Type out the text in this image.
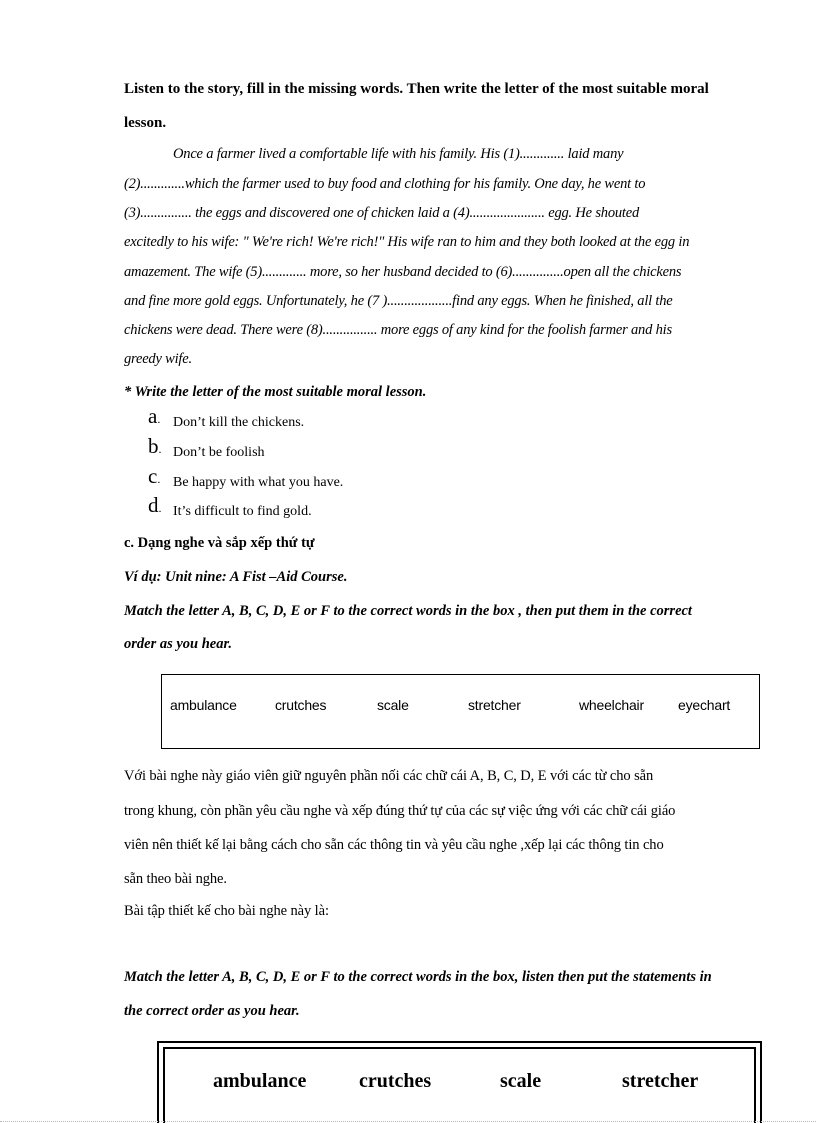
Listen to the story, fill in the missing words. Then write the letter of the most suitable moral
lesson.
Once a farmer lived a comfortable life with his family. His (1)............. laid many
(2).............which the farmer used to buy food and clothing for his family. One day, he went to
(3)............... the eggs and discovered one of chicken laid a (4)...................... egg. He shouted
excitedly to his wife: " We're rich! We're rich!" His wife ran to him and they both looked at the egg in
amazement. The wife (5)............. more, so her husband decided to (6)...............open all the chickens
and fine more gold eggs. Unfortunately, he (7 )...................find any eggs. When he finished, all the
chickens were dead. There were (8)................ more eggs of any kind for the foolish farmer and his
greedy wife.
* Write the letter of the most suitable moral lesson.
a. Don’t kill the chickens.
b. Don’t be foolish
c. Be happy with what you have.
d. It’s difficult to find gold.
c. Dạng nghe và sắp xếp thứ tự
Ví dụ: Unit nine: A Fist –Aid Course.
Match the letter A, B, C, D, E or F to the correct words in the box , then put them in the correct
order as you hear.
ambulance	crutches	scale	stretcher	wheelchair eyechart
Với bài nghe này giáo viên giữ nguyên phần nối các chữ cái A, B, C, D, E với các từ cho sẵn
trong khung, còn phần yêu cầu nghe và xếp đúng thứ tự của các sự việc ứng với các chữ cái giáo
viên nên thiết kế lại bằng cách cho sẵn các thông tin và yêu cầu nghe ,xếp lại các thông tin cho
sẵn theo bài nghe.
Bài tập thiết kế cho bài nghe này là:
Match the letter A, B, C, D, E or F to the correct words in the box, listen then put the statements in
the correct order as you hear.
ambulance	crutches	scale	stretcher
